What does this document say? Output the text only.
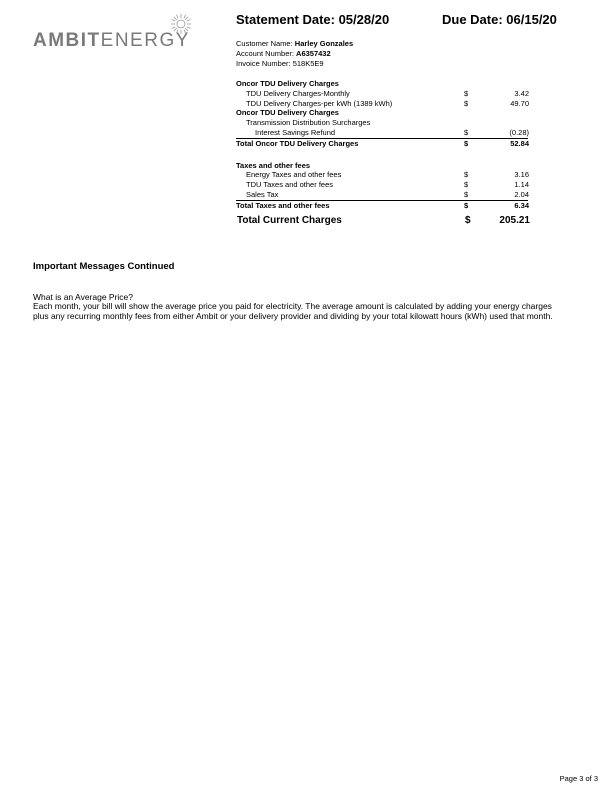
AMBITENERGY
Statement Date: 05/28/20	Due Date: 06/15/20
Customer Name: Harley Gonzales
Account Number: A6357432
Invoice Number: 518K5E9
Oncor TDU Delivery Charges
TDU Delivery Charges-Monthly	$	3.42
TDU Delivery Charges-per kWh (1389 kWh)	$	49.70
Oncor TDU Delivery Charges
Transmission Distribution Surcharges
Interest Savings Refund	$	(0.28)
Total Oncor TDU Delivery Charges	$	52.84
Taxes and other fees
Energy Taxes and other fees	$	3.16
TDU Taxes and other fees	$	1.14
Sales Tax	$	2.04
Total Taxes and other fees	$	6.34
Total Current Charges	$	205.21
Important Messages Continued
What is an Average Price?
Each month, your bill will show the average price you paid for electricity. The average amount is calculated by adding your energy charges plus any recurring monthly fees from either Ambit or your delivery provider and dividing by your total kilowatt hours (kWh) used that month.
Page 3 of 3
